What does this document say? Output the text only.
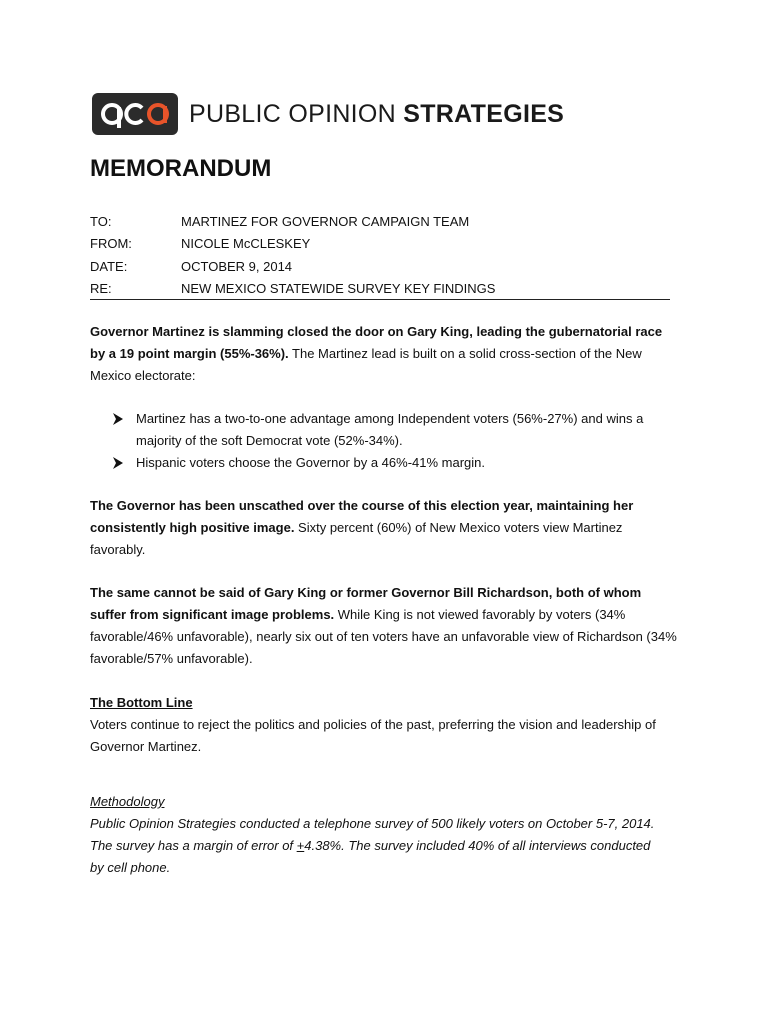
PUBLIC OPINION STRATEGIES
MEMORANDUM
TO:	MARTINEZ FOR GOVERNOR CAMPAIGN TEAM
FROM:	NICOLE McCLESKEY
DATE:	OCTOBER 9, 2014
RE:	NEW MEXICO STATEWIDE SURVEY KEY FINDINGS
Governor Martinez is slamming closed the door on Gary King, leading the gubernatorial race by a 19 point margin (55%-36%). The Martinez lead is built on a solid cross-section of the New Mexico electorate:
Martinez has a two-to-one advantage among Independent voters (56%-27%) and wins a majority of the soft Democrat vote (52%-34%).
Hispanic voters choose the Governor by a 46%-41% margin.
The Governor has been unscathed over the course of this election year, maintaining her consistently high positive image. Sixty percent (60%) of New Mexico voters view Martinez favorably.
The same cannot be said of Gary King or former Governor Bill Richardson, both of whom suffer from significant image problems. While King is not viewed favorably by voters (34% favorable/46% unfavorable), nearly six out of ten voters have an unfavorable view of Richardson (34% favorable/57% unfavorable).
The Bottom Line
Voters continue to reject the politics and policies of the past, preferring the vision and leadership of Governor Martinez.
Methodology
Public Opinion Strategies conducted a telephone survey of 500 likely voters on October 5-7, 2014. The survey has a margin of error of +4.38%. The survey included 40% of all interviews conducted by cell phone.
